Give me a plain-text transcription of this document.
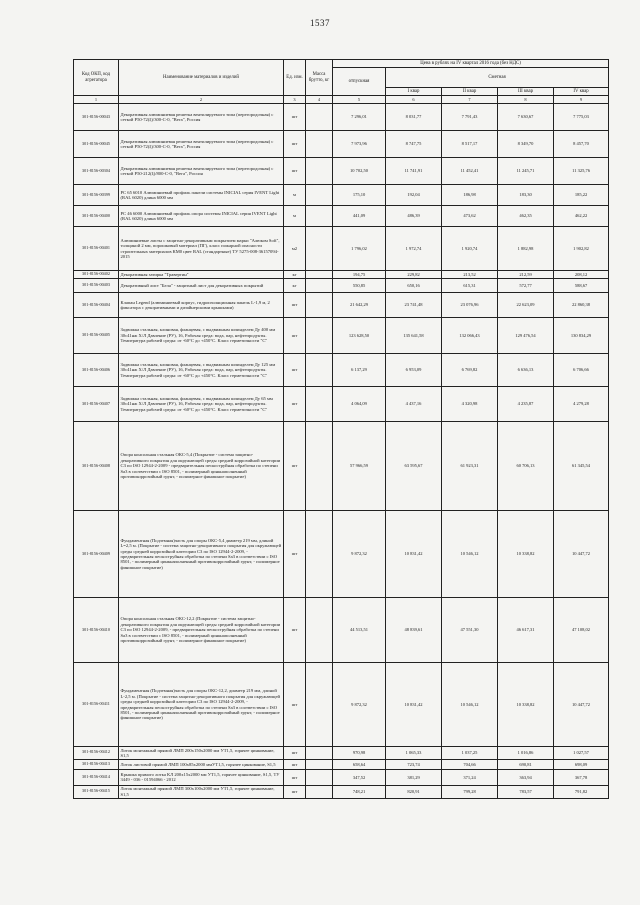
1537
Код ОКП, код агрегатора	Наименование материалов и изделий	Ед. изм.	Масса брутто, кг	Цена в рублях на IV квартал 2016 года (без НДС)				
				отпускная	Сметная			
					I квар	II квар	III квар	IV квар
1	2	3	4	5	6	7	8	9
301-8156-00043	Декоративная алюминиевая решетка вентилируемого типа (перегородочная) с сеткой Р50-72(ξ)/300-С-0, "Вега", Россия	шт		7 296,01	8 031,77	7 791,43	7 630,67	7 775,03
301-8156-00045	Декоративная алюминиевая решетка вентилируемого типа (перегородочная) с сеткой Р50-72(ξ)/300-С-0, "Вега", Россия	шт		7 973,96	8 747,75	8 517,17	8 349,70	8 457,70
301-8156-00304	Декоративная алюминиевая решетка вентилируемого типа (перегородочная) с сеткой Р50-212(ξ)/800-С-0, "Вега", Россия	шт		10 702,50	11 741,91	11 452,41	11 245,71	11 325,76
301-8156-00399	PC 65 6010 Алюминиевый профиль панели системы INICIAL серия IVENT Light (RAL 6020) длина 6000 мм	м		175,10	192,04	186,98	183,30	185,22
301-8156-00400	PC 46 6000 Алюминиевый профиль опора системы INICIAL серия IVENT Light (RAL 6020) длина 6000 мм	м		441,09	486,39	473,62	462,35	462,22
301-8156-00401	Алюминиевые листы с защитно-декоративным покрытием марки "Алюком Soft", толщиной 2 мм, порошковый материал (ПГ), класс пожарной опасности строительных материалов КМ0 цвет RAL (стандартные) ТУ 5275-008-36157094-2015	м2		1 796,02	1 972,74	1 920,74	1 882,98	1 902,82
301-8156-00402	Декоративная затирка "Травертин"	кг		194,75	229,82	213,52	212,59	208,12
301-8156-00403	Декоративный лист "Бела" - защитный лист для декоративных покрытий	кг		550,85	650,16	615,31	572,77	588,67
301-8156-00404	Клапан Legend (алюминиевый корпус, гидроизоляционная панель L-1,9 м, 2 фиксатора с декоративными и дизайнерскими крышками)	шт		21 642,29	23 741,48	23 076,96	22 623,09	22 860,38
301-8156-00405	Задвижка стальная, клиновая, фланцевая, с выдвижным шпинделем Ду 400 мм 30с41нж Х/Л Давление (РУ), 16, Рабочая среда: вода, пар, нефтепродукты. Температура рабочей среды: от -60°С до +450°С. Класс герметичности "С"	шт		123 628,50	135 641,58	132 066,43	129 476,54	130 834,29
301-8156-00406	Задвижка стальная, клиновая, фланцевая, с выдвижным шпинделем Ду 125 мм 30с41нж Х/Л Давление (РУ), 16, Рабочая среда: вода, пар, нефтепродукты. Температура рабочей среды: от -60°С до +450°С. Класс герметичности "С"	шт		6 137,29	6 953,09	6 769,82	6 636,13	6 706,66
301-8156-00407	Задвижка стальная, клиновая, фланцевая, с выдвижным шпинделем Ду 65 мм 30с41нж Х/Л Давление (РУ), 16, Рабочая среда: вода, пар, нефтепродукты. Температура рабочей среды: от -60°С до +450°С. Класс герметичности "С"	шт		4 064,09	4 437,16	4 320,98	4 235,87	4 279,28
301-8156-00408	Опора консольная стальная ОКС-5,4 (Покрытие - система защитно-декоративного покрытия для окружающей среды средней коррозийной категории С3 по ISO 12944-2-2009 - предварительная пескоструйная обработка по степени Sa3 в соответствии с ISO 8501, - полимерный цинкнаполненный противокоррозийный грунт, - полимерное финишное покрытие)	шт		57 966,59	63 595,67	61 923,31	60 706,13	61 345,54
301-8156-00409	Фундаментная (Подземная)часть для опоры ОКС-5,4 диаметр 219 мм, длиной L=2,5 м. (Покрытие - система защитно-декоративного покрытия для окружающей среды средней коррозийной категории С3 по ISO 12944-2-2009, - предварительная пескоструйная обработка по степени Sa3 в соответствии с ISO 8501, - полимерный цинкнаполненный противокоррозийный грунт, - полимерное финишное покрытие)	шт		9 872,32	10 831,42	10 546,12	10 338,82	10 447,72
301-8156-00410	Опора консольная стальная ОКС-12,2 (Покрытие - система защитно-декоративного покрытия для окружающей среды средней коррозийной категории С3 по ISO 12944-2-2009, - предварительная пескоструйная обработка по степени Sa3 в соответствии с ISO 8501, - полимерный цинкнаполненный противокоррозийный грунт, - полимерное финишное покрытие)	шт		44 513,51	48 839,61	47 551,30	46 617,31	47 108,02
301-8156-00411	Фундаментная (Подземная)часть для опоры ОКС-12,2, диаметр 219 мм, длиной L-2,5 м. (Покрытие - система защитно-декоративного покрытия для окружающей среды средней коррозийной категории С3 по ISO 12944-2-2009, - предварительная пескоструйная обработка по степени Sa3 в соответствии с ISO 8501, - полимерный цинкнаполненный противокоррозийный грунт, - полимерное финишное покрытие)	шт		9 872,32	10 831,42	10 546,12	10 338,82	10 447,72
301-8156-00412	Лоток монтажный прямой ЛМП 200х150х2000 мм УТ1,5, горячее цинкование, S1,5	шт		970,98	1 065,33	1 037,25	1 016,86	1 027,57
301-8156-00413	Лоток листовой прямой ЛМП 100х85х2000 ммУТ1,5, горячее цинкование, S1,5	шт		658,64	723,74	704,66	690,81	698,09
301-8156-00414	Крышка прямого лотка КЛ 200х15х2000 мм УТ1,5, горячее цинкование, S1,5, ТУ 3449 - 036 - 01594066 - 2012	шт		347,52	381,29	371,24	363,94	367,78
301-8156-00415	Лоток монтажный прямой ЛМП 300х100х2000 мм УТ1,5, горячее цинкование, S1,5	шт		748,21	820,91	799,28	783,57	791,82
